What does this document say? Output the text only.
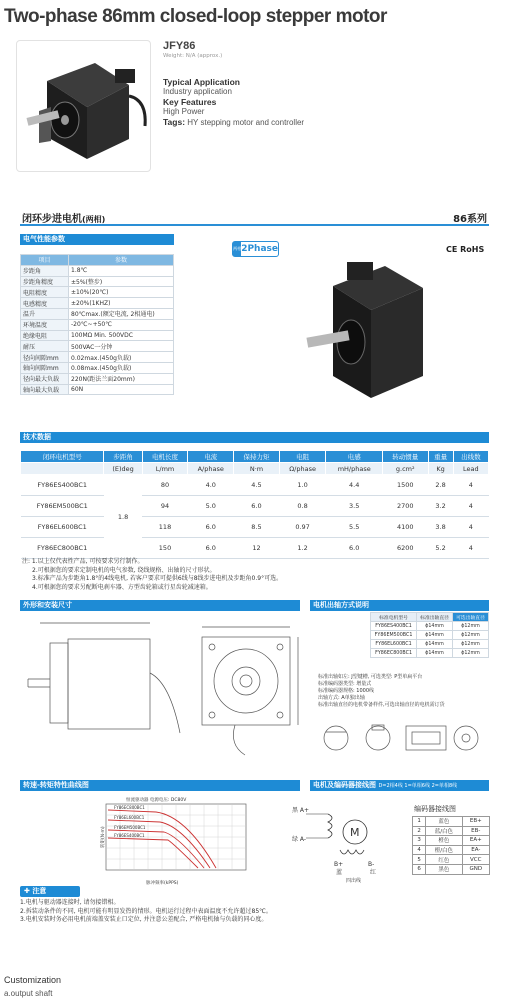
Two-phase 86mm closed-loop stepper motor
JFY86
Weight: N/A (approx.)
Typical Application
Industry application
Key Features
High Power
Tags: HY stepping motor and controller
闭环步进电机(两相)	86系列
电气性能参数
项目	参数
步距角	1.8℃
步距角精度	±5%(整步)
电阻精度	±10%(20℃)
电感精度	±20%(1KHZ)
温升	80℃max.(额定电流, 2相通电)
环境温度	-20℃~+50℃
绝缘电阻	100MΩ Min. 500VDC
耐压	500VAC一分钟
径向间隙mm	0.02max.(450g负载)
轴向间隙mm	0.08max.(450g负载)
径向最大负载	220N(距法兰面20mm)
轴向最大负载	60N
两相 2Phase	CE RoHS
技术数据
闭环电机型号	步距角	电机长度	电流	保持力矩	电阻	电感	转动惯量	重量	出线数
	(E)deg	L/mm	A/phase	N·m	Ω/phase	mH/phase	g.cm²	Kg	Lead
FY86ES400BC1	1.8	80	4.0	4.5	1.0	4.4	1500	2.8	4
FY86EM500BC1		94	5.0	6.0	0.8	3.5	2700	3.2	4
FY86EL600BC1		118	6.0	8.5	0.97	5.5	4100	3.8	4
FY86EC800BC1		150	6.0	12	1.2	6.0	6200	5.2	4
注: 1.以上仅代表性产品, 可按要求另行制作。
2.可根据您的要求定制电机的电气参数, 绕线规格、出轴的尺寸形状。
3.标准产品为步距角1.8°的4线电机, 若客户要求可提供6线与8线步进电机及步距角0.9°可选。
4.可根据您的要求另配断电刹车器、方型齿轮箱或行星齿轮减速箱。
外形和安装尺寸	电机出轴方式说明
标准电机型号	标准出轴直径	可选出轴直径
FY86ES400BC1	ϕ14mm	ϕ12mm
FY86EM500BC1	ϕ14mm	ϕ12mm
FY86EL600BC1	ϕ14mm	ϕ12mm
FY86EC800BC1	ϕ14mm	ϕ12mm
标准出轴如左: J型键槽, 可选类型: P型单扁平台
标准编码器类型: 增量式
标准编码器规格: 1000线
出轴方式: A单独出轴
标准出轴直径的电机带备样件,可选出轴直径的电机需订货
转速-转矩特性曲线图	电机及编码器接线图 D=2相4线 1=单相6线 2=单相8线
FY86EC800BC1
FY86EL600BC1
FY86EM500BC1
FY86ES400BC1
恒流驱动器 电源电压: DC80V
脉冲频率(kPPS)
转矩(N·m)	M
黑 A+
绿 A-
B+	B-
蓝	红
四出线
编码器接线图
1	蓝色	EB+
2	蓝/白色	EB-
3	橙色	EA+
4	橙/白色	EA-
5	红色	VCC
6	黑色	GND
✚ 注意
1.电机与驱动器连接时, 请勿接错相。
2.拆装动条件的不同, 电机可能有明显发热的情形。电机运行过程中表面温度不允许超过85℃。
3.电机安装时务必用电机前端盖安装止口定位, 并注意公差配合, 严格电机轴与负载的同心度。
Customization
a.output shaft
